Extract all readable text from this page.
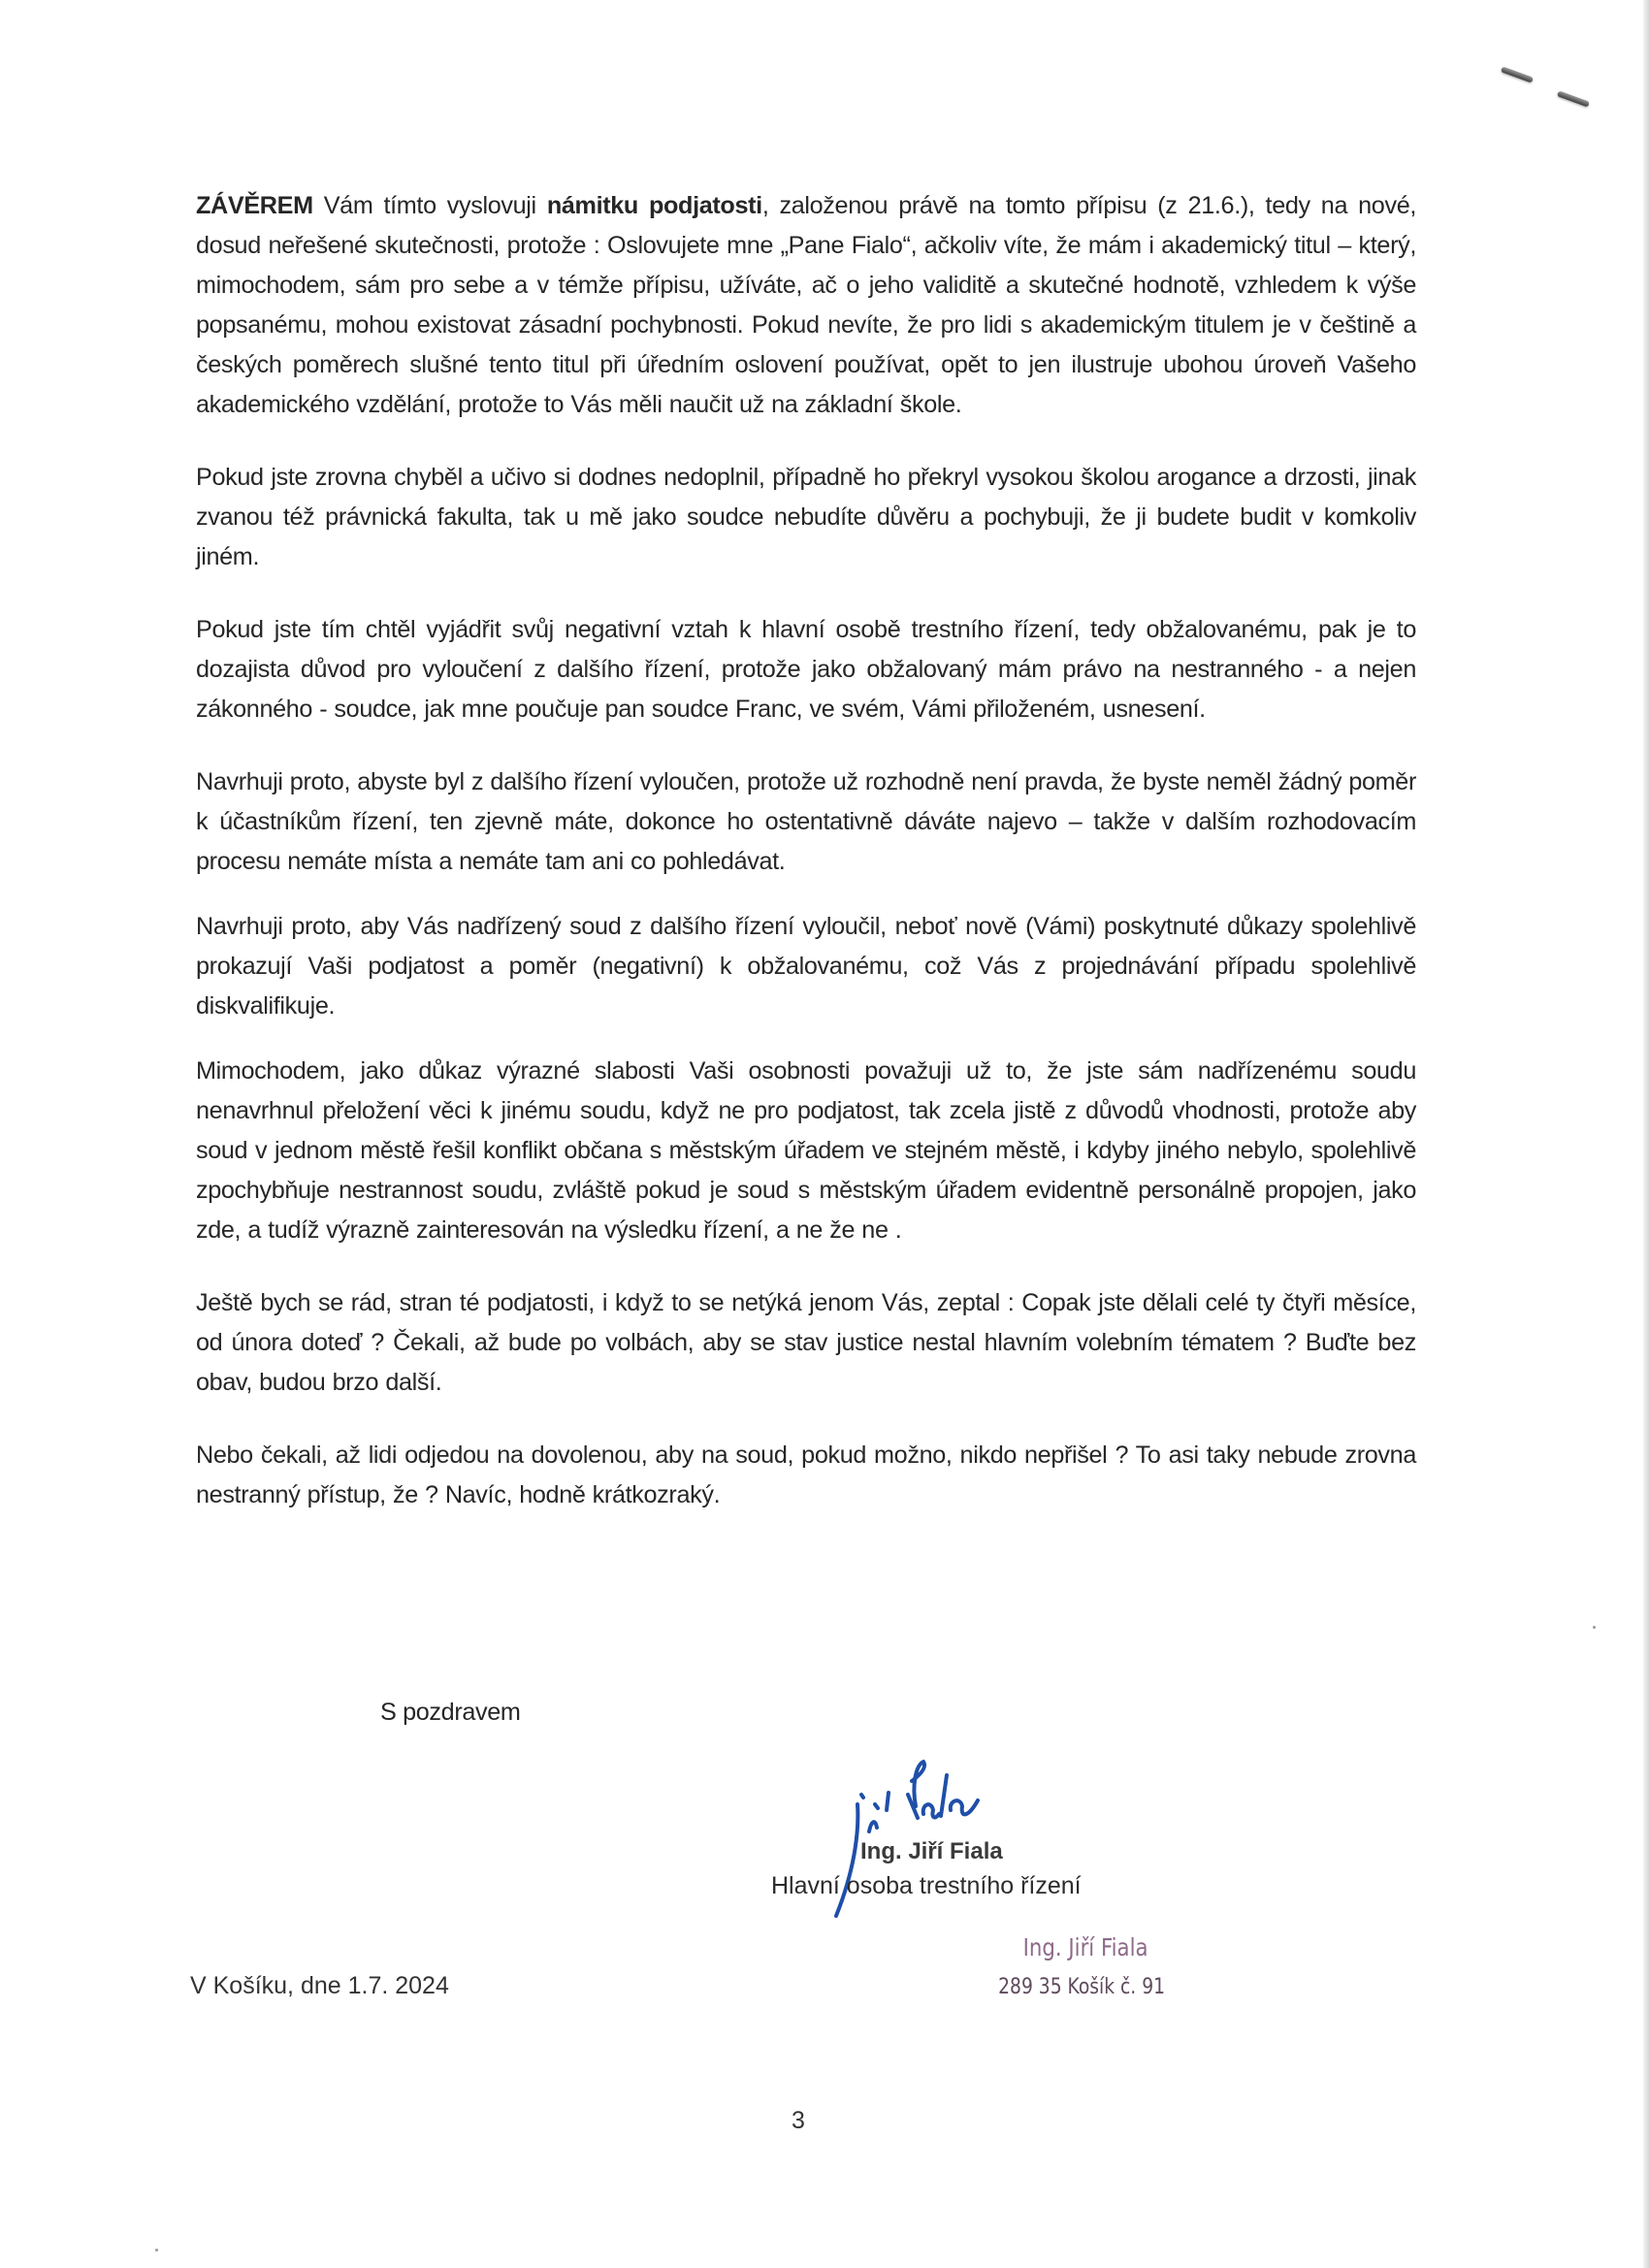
ZÁVĚREM Vám tímto vyslovuji námitku podjatosti, založenou právě na tomto přípisu (z 21.6.), tedy na nové, dosud neřešené skutečnosti, protože : Oslovujete mne „Pane Fialo“, ačkoliv víte, že mám i akademický titul – který, mimochodem, sám pro sebe a v témže přípisu, užíváte, ač o jeho validitě a skutečné hodnotě, vzhledem k výše popsanému, mohou existovat zásadní pochybnosti. Pokud nevíte, že pro lidi s akademickým titulem je v češtině a českých poměrech slušné tento titul při úředním oslovení používat, opět to jen ilustruje ubohou úroveň Vašeho akademického vzdělání, protože to Vás měli naučit už na základní škole.

Pokud jste zrovna chyběl a učivo si dodnes nedoplnil, případně ho překryl vysokou školou arogance a drzosti, jinak zvanou též právnická fakulta, tak u mě jako soudce nebudíte důvěru a pochybuji, že ji budete budit v komkoliv jiném.

Pokud jste tím chtěl vyjádřit svůj negativní vztah k hlavní osobě trestního řízení, tedy obžalovanému, pak je to dozajista důvod pro vyloučení z dalšího řízení, protože jako obžalovaný mám právo na nestranného - a nejen zákonného - soudce, jak mne poučuje pan soudce Franc, ve svém, Vámi přiloženém, usnesení.

Navrhuji proto, abyste byl z dalšího řízení vyloučen, protože už rozhodně není pravda, že byste neměl žádný poměr k účastníkům řízení, ten zjevně máte, dokonce ho ostentativně dáváte najevo – takže v dalším rozhodovacím procesu nemáte místa a nemáte tam ani co pohledávat.

Navrhuji proto, aby Vás nadřízený soud z dalšího řízení vyloučil, neboť nově (Vámi) poskytnuté důkazy spolehlivě prokazují Vaši podjatost a poměr (negativní) k obžalovanému, což Vás z projednávání případu spolehlivě diskvalifikuje.

Mimochodem, jako důkaz výrazné slabosti Vaši osobnosti považuji už to, že jste sám nadřízenému soudu nenavrhnul přeložení věci k jinému soudu, když ne pro podjatost, tak zcela jistě z důvodů vhodnosti, protože aby soud v jednom městě řešil konflikt občana s městským úřadem ve stejném městě, i kdyby jiného nebylo, spolehlivě zpochybňuje nestrannost soudu, zvláště pokud je soud s městským úřadem evidentně personálně propojen, jako zde, a tudíž výrazně zainteresován na výsledku řízení, a ne že ne .

Ještě bych se rád, stran té podjatosti, i když to se netýká jenom Vás, zeptal : Copak jste dělali celé ty čtyři měsíce, od února doteď ? Čekali, až bude po volbách, aby se stav justice nestal hlavním volebním tématem ? Buďte bez obav, budou brzo další.

Nebo čekali, až lidi odjedou na dovolenou, aby na soud, pokud možno, nikdo nepřišel ? To asi taky nebude zrovna nestranný přístup, že ? Navíc, hodně krátkozraký.

S pozdravem
Ing. Jiří Fiala
Hlavní osoba trestního řízení
Ing. Jiří Fiala
289 35 Košík č. 91
V Košíku, dne 1.7. 2024
3
